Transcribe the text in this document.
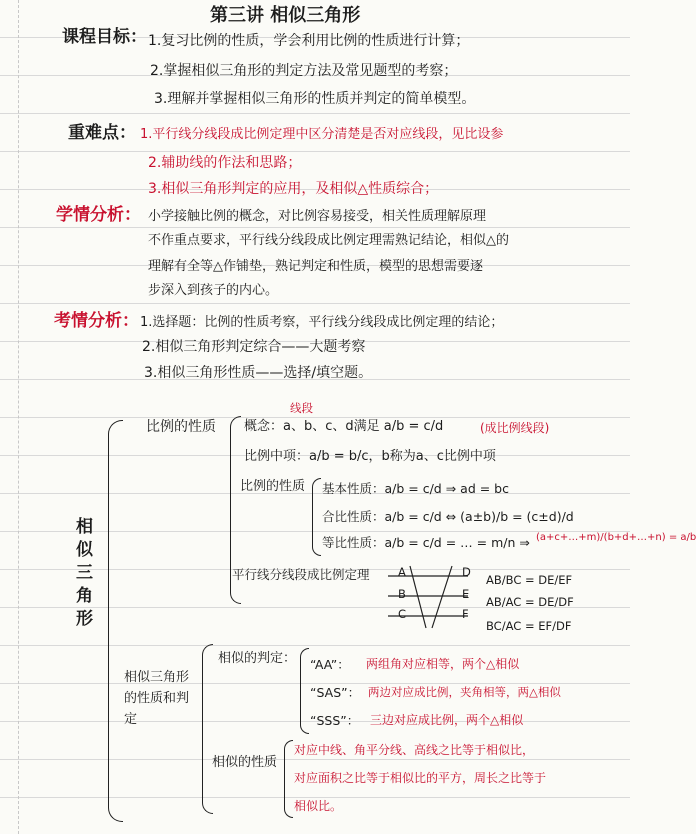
第三讲 相似三角形
课程目标： 1.复习比例的性质，学会利用比例的性质进行计算；
2.掌握相似三角形的判定方法及常见题型的考察；
3.理解并掌握相似三角形的性质并判定的简单模型。
重难点： 1.平行线分线段成比例定理中区分清楚是否对应线段，见比设参
2.辅助线的作法和思路；
3.相似三角形判定的应用，及相似△性质综合；
学情分析： 小学接触比例的概念，对比例容易接受，相关性质理解原理
不作重点要求，平行线分线段成比例定理需熟记结论，相似△的
理解有全等△作铺垫，熟记判定和性质，模型的思想需要逐
步深入到孩子的内心。
考情分析： 1.选择题：比例的性质考察，平行线分线段成比例定理的结论；
2.相似三角形判定综合——大题考察
3.相似三角形性质——选择/填空题。
相似三角形
比例的性质
线段
概念：a、b、c、d满足 a/b = c/d	(成比例线段)
比例中项：a/b = b/c，b称为a、c比例中项
比例的性质 基本性质：a/b = c/d ⇒ ad = bc
合比性质：a/b = c/d ⇔ (a±b)/b = (c±d)/d
等比性质：a/b = c/d = … = m/n ⇒ (a+c+…+m)/(b+d+…+n) = a/b
平行线分线段成比例定理 A
B
C
D
E
F
AB/BC = DE/EF
AB/AC = DE/DF
BC/AC = EF/DF
相似三角形的性质和判定
相似的判定： “AA”： 两组角对应相等，两个△相似
“SAS”： 两边对应成比例，夹角相等，两△相似
“SSS”： 三边对应成比例，两个△相似
相似的性质
对应中线、角平分线、高线之比等于相似比，
对应面积之比等于相似比的平方，周长之比等于
相似比。
